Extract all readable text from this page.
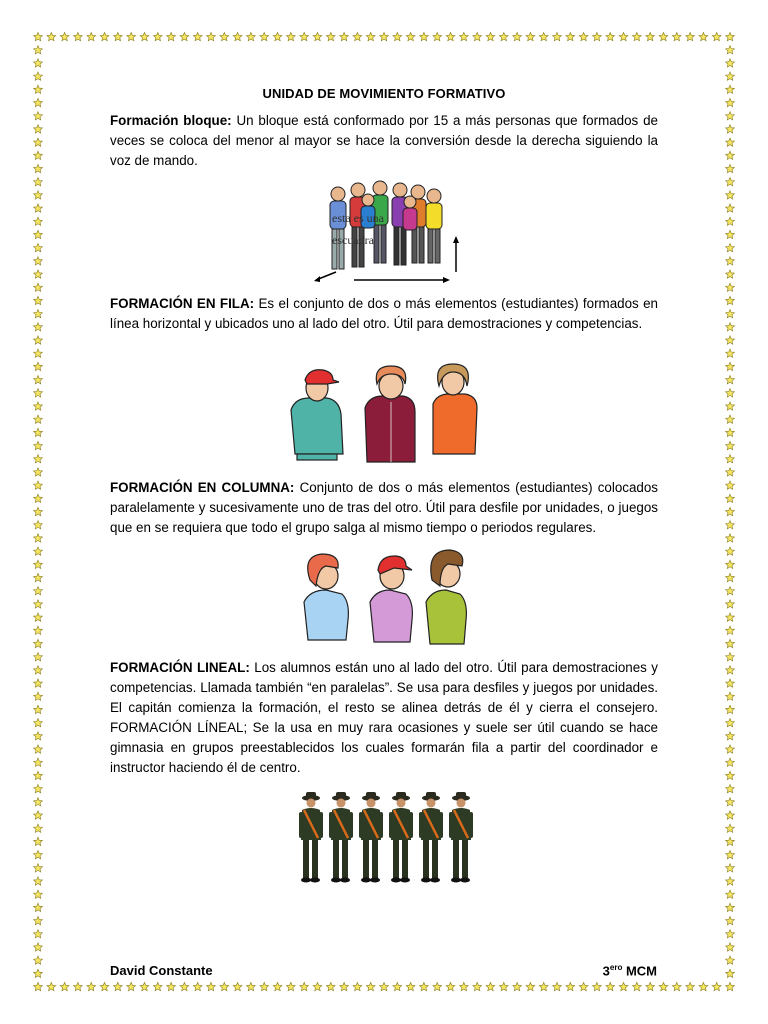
UNIDAD DE MOVIMIENTO FORMATIVO
Formación bloque: Un bloque está conformado por 15 a más personas que formados de veces se coloca del menor al mayor se hace la conversión desde la derecha siguiendo la voz de mando.
esta es una
escuadra
FORMACIÓN EN FILA: Es el conjunto de dos o más elementos (estudiantes) formados en línea horizontal y ubicados uno al lado del otro. Útil para demostraciones y competencias.
FORMACIÓN EN COLUMNA: Conjunto de dos o más elementos (estudiantes) colocados paralelamente y sucesivamente uno de tras del otro. Útil para desfile por unidades, o juegos que en se requiera que todo el grupo salga al mismo tiempo o periodos regulares.
FORMACIÓN LINEAL: Los alumnos están uno al lado del otro. Útil para demostraciones y competencias. Llamada también “en paralelas”. Se usa para desfiles y juegos por unidades. El capitán comienza la formación, el resto se alinea detrás de él y cierra el consejero. FORMACIÓN LÍNEAL; Se la usa en muy rara ocasiones y suele ser útil cuando se hace gimnasia en grupos preestablecidos los cuales formarán fila a partir del coordinador e instructor haciendo él de centro.
David Constante	$3^{ero}$ MCM
